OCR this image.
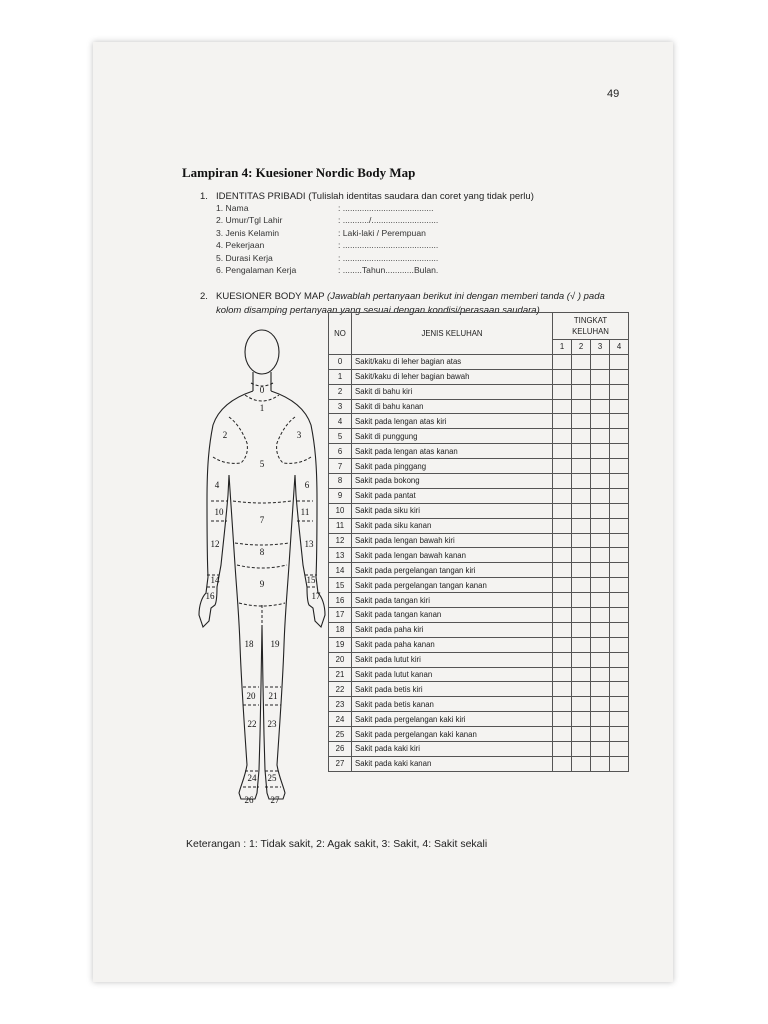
49
Lampiran 4: Kuesioner Nordic Body Map
1. IDENTITAS PRIBADI (Tulislah identitas saudara dan coret yang tidak perlu)
1. Nama	: ......................................
2. Umur/Tgl Lahir	: .........../............................
3. Jenis Kelamin	: Laki-laki / Perempuan
4. Pekerjaan	: ........................................
5. Durasi Kerja	: ........................................
6. Pengalaman Kerja	: ........Tahun............Bulan.
2. KUESIONER BODY MAP (Jawablah pertanyaan berikut ini dengan memberi tanda (√ ) pada
kolom disamping pertanyaan yang sesuai dengan kondisi/perasaan saudara)
0
1
2	3
4
5
6
7
8
9
10	11
12	13
14	15
16	17
18 19
20 21
22 23
24 25
26 27
NO	JENIS KELUHAN	TINGKAT KELUHAN			
		1	2	3	4
0	Sakit/kaku di leher bagian atas				
1	Sakit/kaku di leher bagian bawah				
2	Sakit di bahu kiri				
3	Sakit di bahu kanan				
4	Sakit pada lengan atas kiri				
5	Sakit di punggung				
6	Sakit pada lengan atas kanan				
7	Sakit pada pinggang				
8	Sakit pada bokong				
9	Sakit pada pantat				
10	Sakit pada siku kiri				
11	Sakit pada siku kanan				
12	Sakit pada lengan bawah kiri				
13	Sakit pada lengan bawah kanan				
14	Sakit pada pergelangan tangan kiri				
15	Sakit pada pergelangan tangan kanan				
16	Sakit pada tangan kiri				
17	Sakit pada tangan kanan				
18	Sakit pada paha kiri				
19	Sakit pada paha kanan				
20	Sakit pada lutut kiri				
21	Sakit pada lutut kanan				
22	Sakit pada betis kiri				
23	Sakit pada betis kanan				
24	Sakit pada pergelangan kaki kiri				
25	Sakit pada pergelangan kaki kanan				
26	Sakit pada kaki kiri				
27	Sakit pada kaki kanan				
Keterangan : 1: Tidak sakit, 2: Agak sakit, 3: Sakit, 4: Sakit sekali
